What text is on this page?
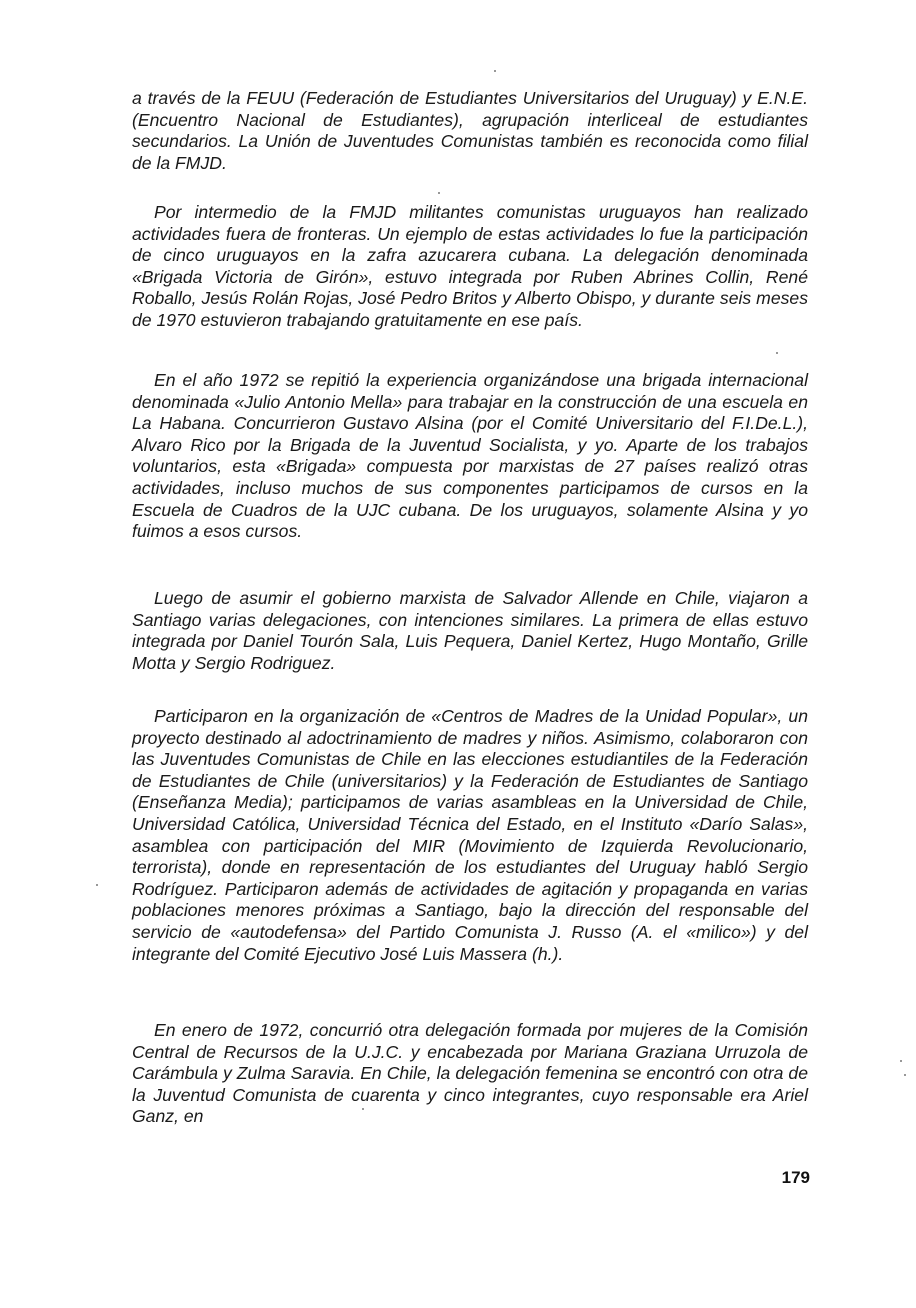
a través de la FEUU (Federación de Estudiantes Universitarios del Uruguay) y E.N.E. (Encuentro Nacional de Estudiantes), agrupación interliceal de estudiantes secundarios. La Unión de Juventudes Comunistas también es reconocida como filial de la FMJD.

Por intermedio de la FMJD militantes comunistas uruguayos han realizado actividades fuera de fronteras. Un ejemplo de estas actividades lo fue la participación de cinco uruguayos en la zafra azucarera cubana. La delegación denominada «Brigada Victoria de Girón», estuvo integrada por Ruben Abrines Collin, René Roballo, Jesús Rolán Rojas, José Pedro Britos y Alberto Obispo, y durante seis meses de 1970 estuvieron trabajando gratuitamente en ese país.

En el año 1972 se repitió la experiencia organizándose una brigada internacional denominada «Julio Antonio Mella» para trabajar en la construcción de una escuela en La Habana. Concurrieron Gustavo Alsina (por el Comité Universitario del F.I.De.L.), Alvaro Rico por la Brigada de la Juventud Socialista, y yo. Aparte de los trabajos voluntarios, esta «Brigada» compuesta por marxistas de 27 países realizó otras actividades, incluso muchos de sus componentes participamos de cursos en la Escuela de Cuadros de la UJC cubana. De los uruguayos, solamente Alsina y yo fuimos a esos cursos.

Luego de asumir el gobierno marxista de Salvador Allende en Chile, viajaron a Santiago varias delegaciones, con intenciones similares. La primera de ellas estuvo integrada por Daniel Tourón Sala, Luis Pequera, Daniel Kertez, Hugo Montaño, Grille Motta y Sergio Rodriguez.

Participaron en la organización de «Centros de Madres de la Unidad Popular», un proyecto destinado al adoctrinamiento de madres y niños. Asimismo, colaboraron con las Juventudes Comunistas de Chile en las elecciones estudiantiles de la Federación de Estudiantes de Chile (universitarios) y la Federación de Estudiantes de Santiago (Enseñanza Media); participamos de varias asambleas en la Universidad de Chile, Universidad Católica, Universidad Técnica del Estado, en el Instituto «Darío Salas», asamblea con participación del MIR (Movimiento de Izquierda Revolucionario, terrorista), donde en representación de los estudiantes del Uruguay habló Sergio Rodríguez. Participaron además de actividades de agitación y propaganda en varias poblaciones menores próximas a Santiago, bajo la dirección del responsable del servicio de «autodefensa» del Partido Comunista J. Russo (A. el «milico») y del integrante del Comité Ejecutivo José Luis Massera (h.).

En enero de 1972, concurrió otra delegación formada por mujeres de la Comisión Central de Recursos de la U.J.C. y encabezada por Mariana Graziana Urruzola de Carámbula y Zulma Saravia. En Chile, la delegación femenina se encontró con otra de la Juventud Comunista de cuarenta y cinco integrantes, cuyo responsable era Ariel Ganz, en

179
